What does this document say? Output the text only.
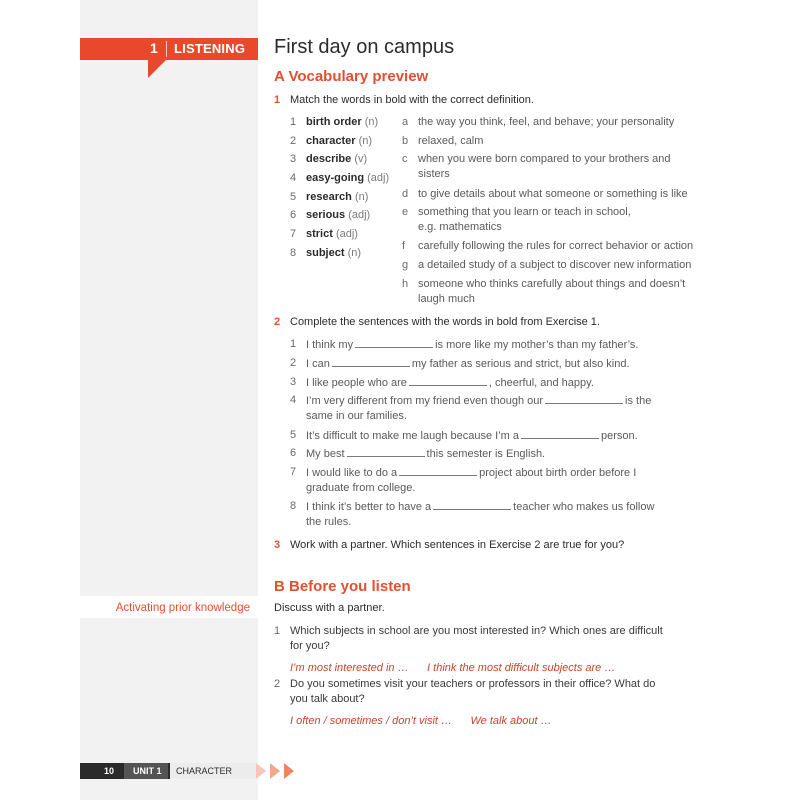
1 LISTENING First day on campus
A Vocabulary preview
1 Match the words in bold with the correct definition.
1 birth order (n)
2 character (n)
3 describe (v)
4 easy-going (adj)
5 research (n)
6 serious (adj)
7 strict (adj)
8 subject (n)
a the way you think, feel, and behave; your personality
b relaxed, calm
c when you were born compared to your brothers and
sisters
d to give details about what someone or something is like
e something that you learn or teach in school,
e.g. mathematics
f carefully following the rules for correct behavior or action
g a detailed study of a subject to discover new information
h someone who thinks carefully about things and doesn’t
laugh much
2 Complete the sentences with the words in bold from Exercise 1.
1 I think my	is more like my mother’s than my father’s.
2 I can	my father as serious and strict, but also kind.
3 I like people who are	, cheerful, and happy.
4 I’m very different from my friend even though our	is the
same in our families.
5 It’s difficult to make me laugh because I’m a	person.
6 My best	this semester is English.
7 I would like to do a	project about birth order before I
graduate from college.
8 I think it’s better to have a	teacher who makes us follow
the rules.
3 Work with a partner. Which sentences in Exercise 2 are true for you?
B Before you listen
Activating prior knowledge Discuss with a partner.
1 Which subjects in school are you most interested in? Which ones are difficult
for you?
I’m most interested in … I think the most difficult subjects are …
2 Do you sometimes visit your teachers or professors in their office? What do
you talk about?
I often / sometimes / don’t visit … We talk about …
10 UNIT 1 CHARACTER
